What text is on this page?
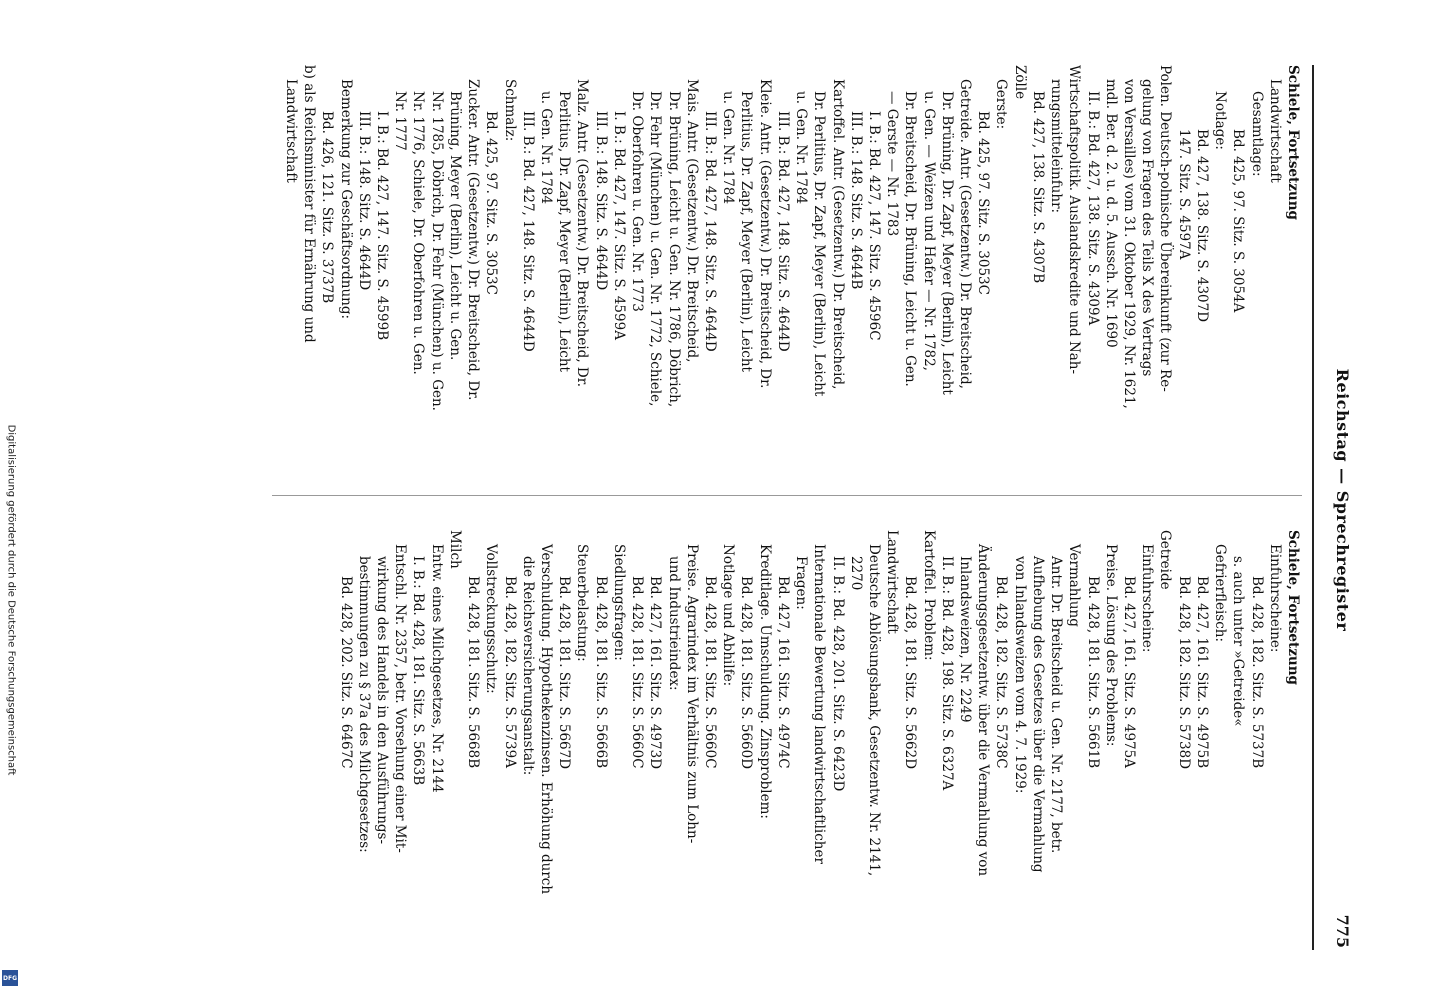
Reichstag — Sprechregister
775
Schiele, Fortsetzung
Landwirtschaft
Gesamtlage:
Bd. 425, 97. Sitz. S. 3054A
Notlage:
Bd. 427, 138. Sitz. S. 4307D
147. Sitz. S. 4597A
Polen. Deutsch-polnische Übereinkunft (zur Re-
gelung von Fragen des Teils X des Vertrags
von Versailles) vom 31. Oktober 1929, Nr. 1621,
mdl. Ber. d. 2. u. d. 5. Aussch. Nr. 1690
II. B.: Bd. 427, 138. Sitz. S. 4309A
Wirtschaftspolitik. Auslandskredite und Nah-
rungsmitteleinfuhr:
Bd. 427, 138. Sitz. S. 4307B
Zölle
Gerste:
Bd. 425, 97. Sitz. S. 3053C
Getreide. Antr. (Gesetzentw.) Dr. Breitscheid,
Dr. Brüning, Dr. Zapf, Meyer (Berlin), Leicht
u. Gen. — Weizen und Hafer — Nr. 1782,
Dr. Breitscheid, Dr. Brüning, Leicht u. Gen.
— Gerste — Nr. 1783
I. B.: Bd. 427, 147. Sitz. S. 4596C
III. B.: 148. Sitz. S. 4644B
Kartoffel. Antr. (Gesetzentw.) Dr. Breitscheid,
Dr. Perlitius, Dr. Zapf, Meyer (Berlin), Leicht
u. Gen. Nr. 1784
III. B.: Bd. 427, 148. Sitz. S. 4644D
Kleie. Antr. (Gesetzentw.) Dr. Breitscheid, Dr.
Perlitius, Dr. Zapf, Meyer (Berlin), Leicht
u. Gen. Nr. 1784
III. B.: Bd. 427, 148. Sitz. S. 4644D
Mais. Antr. (Gesetzentw.) Dr. Breitscheid,
Dr. Brüning, Leicht u. Gen. Nr. 1786, Döbrich,
Dr. Fehr (München) u. Gen. Nr. 1772, Schiele,
Dr. Oberfohren u. Gen. Nr. 1773
I. B.: Bd. 427, 147. Sitz. S. 4599A
III. B.: 148. Sitz. S. 4644D
Malz. Antr. (Gesetzentw.) Dr. Breitscheid, Dr.
Perlitius, Dr. Zapf, Meyer (Berlin), Leicht
u. Gen. Nr. 1784
III. B.: Bd. 427, 148. Sitz. S. 4644D
Schmalz:
Bd. 425, 97. Sitz. S. 3053C
Zucker. Antr. (Gesetzentw.) Dr. Breitscheid, Dr.
Brüning, Meyer (Berlin), Leicht u. Gen.
Nr. 1785, Döbrich, Dr. Fehr (München) u. Gen.
Nr. 1776, Schiele, Dr. Oberfohren u. Gen.
Nr. 1777
I. B.: Bd. 427, 147. Sitz. S. 4599B
III. B.: 148. Sitz. S. 4644D
Bemerkung zur Geschäftsordnung:
Bd. 426, 121. Sitz. S. 3737B
b) als Reichsminister für Ernährung und
Landwirtschaft
Schiele, Fortsetzung
Einfuhrscheine:
Bd. 428, 182. Sitz. S. 5737B
s. auch unter »Getreide«
Gefrierfleisch:
Bd. 427, 161. Sitz. S. 4975B
Bd. 428, 182. Sitz. S. 5738D
Getreide
Einfuhrscheine:
Bd. 427, 161. Sitz. S. 4975A
Preise. Lösung des Problems:
Bd. 428, 181. Sitz. S. 5661B
Vermahlung
Antr. Dr. Breitscheid u. Gen. Nr. 2177, betr.
Aufhebung des Gesetzes über die Vermahlung
von Inlandsweizen vom 4. 7. 1929:
Bd. 428, 182. Sitz. S. 5738C
Änderungsgesetzentw. über die Vermahlung von
Inlandsweizen, Nr. 2249
II. B.: Bd. 428, 198. Sitz. S. 6327A
Kartoffel. Problem:
Bd. 428, 181. Sitz. S. 5662D
Landwirtschaft
Deutsche Ablösungsbank, Gesetzentw. Nr. 2141,
2270
II. B.: Bd. 428, 201. Sitz. S. 6423D
Internationale Bewertung landwirtschaftlicher
Fragen:
Bd. 427, 161. Sitz. S. 4974C
Kreditlage. Umschuldung. Zinsproblem:
Bd. 428, 181. Sitz. S. 5660D
Notlage und Abhilfe:
Bd. 428, 181. Sitz. S. 5660C
Preise. Agrarindex im Verhältnis zum Lohn-
und Industrieindex:
Bd. 427, 161. Sitz. S. 4973D
Bd. 428, 181. Sitz. S. 5660C
Siedlungsfragen:
Bd. 428, 181. Sitz. S. 5666B
Steuerbelastung:
Bd. 428, 181. Sitz. S. 5667D
Verschuldung. Hypothekenzinsen. Erhöhung durch
die Reichsversicherungsanstalt:
Bd. 428, 182. Sitz. S. 5739A
Vollstreckungsschutz:
Bd. 428, 181. Sitz. S. 5668B
Milch
Entw. eines Milchgesetzes, Nr. 2144
I. B.: Bd. 428, 181. Sitz. S. 5663B
Entschl. Nr. 2357, betr. Vorsehung einer Mit-
wirkung des Handels in den Ausführungs-
bestimmungen zu § 37a des Milchgesetzes:
Bd. 428, 202. Sitz. S. 6467C
Digitalisierung gefördert durch die Deutsche Forschungsgemeinschaft
DFG
